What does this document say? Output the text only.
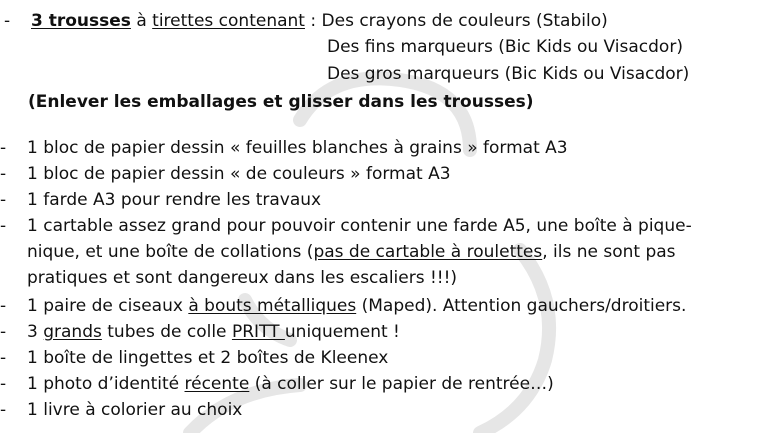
- 3 trousses à tirettes contenant : Des crayons de couleurs (Stabilo)
Des fins marqueurs (Bic Kids ou Visacdor)
Des gros marqueurs (Bic Kids ou Visacdor)
(Enlever les emballages et glisser dans les trousses)
- 1 bloc de papier dessin « feuilles blanches à grains » format A3
- 1 bloc de papier dessin « de couleurs » format A3
- 1 farde A3 pour rendre les travaux
- 1 cartable assez grand pour pouvoir contenir une farde A5, une boîte à pique-
nique, et une boîte de collations (pas de cartable à roulettes, ils ne sont pas
pratiques et sont dangereux dans les escaliers !!!)
- 1 paire de ciseaux à bouts métalliques (Maped). Attention gauchers/droitiers.
- 3 grands tubes de colle PRITT uniquement !
- 1 boîte de lingettes et 2 boîtes de Kleenex
- 1 photo d’identité récente (à coller sur le papier de rentrée…)
- 1 livre à colorier au choix
